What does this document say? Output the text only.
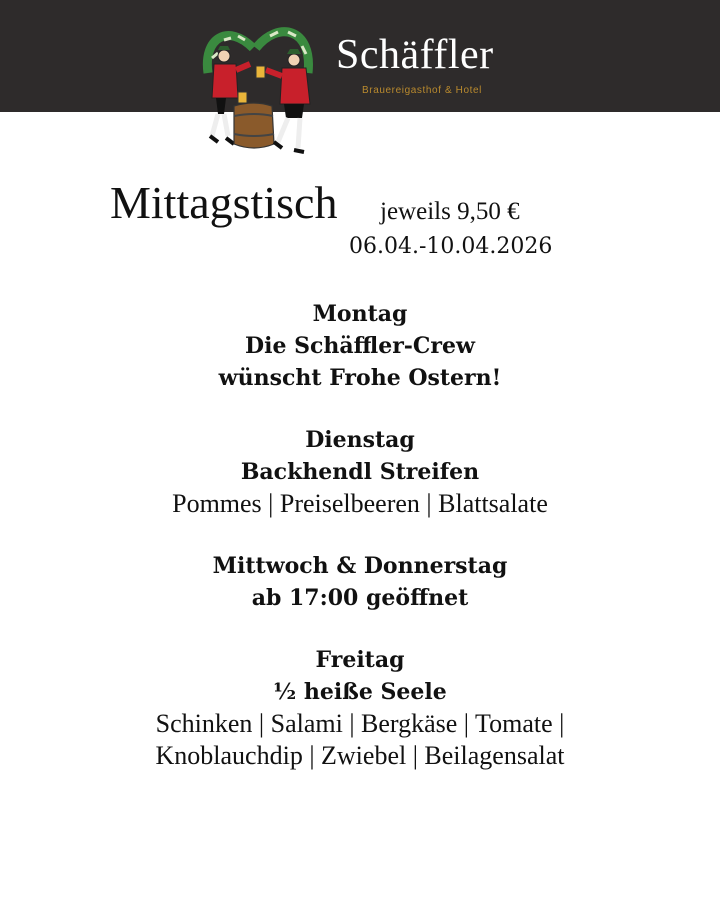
Schäffler
Brauereigasthof & Hotel
Mittagstisch jeweils 9,50 €
06.04.-10.04.2026
Montag
Die Schäffler-Crew
wünscht Frohe Ostern!
Dienstag
Backhendl Streifen
Pommes | Preiselbeeren | Blattsalate
Mittwoch & Donnerstag
ab 17:00 geöffnet
Freitag
½ heiße Seele
Schinken | Salami | Bergkäse | Tomate |
Knoblauchdip | Zwiebel | Beilagensalat
